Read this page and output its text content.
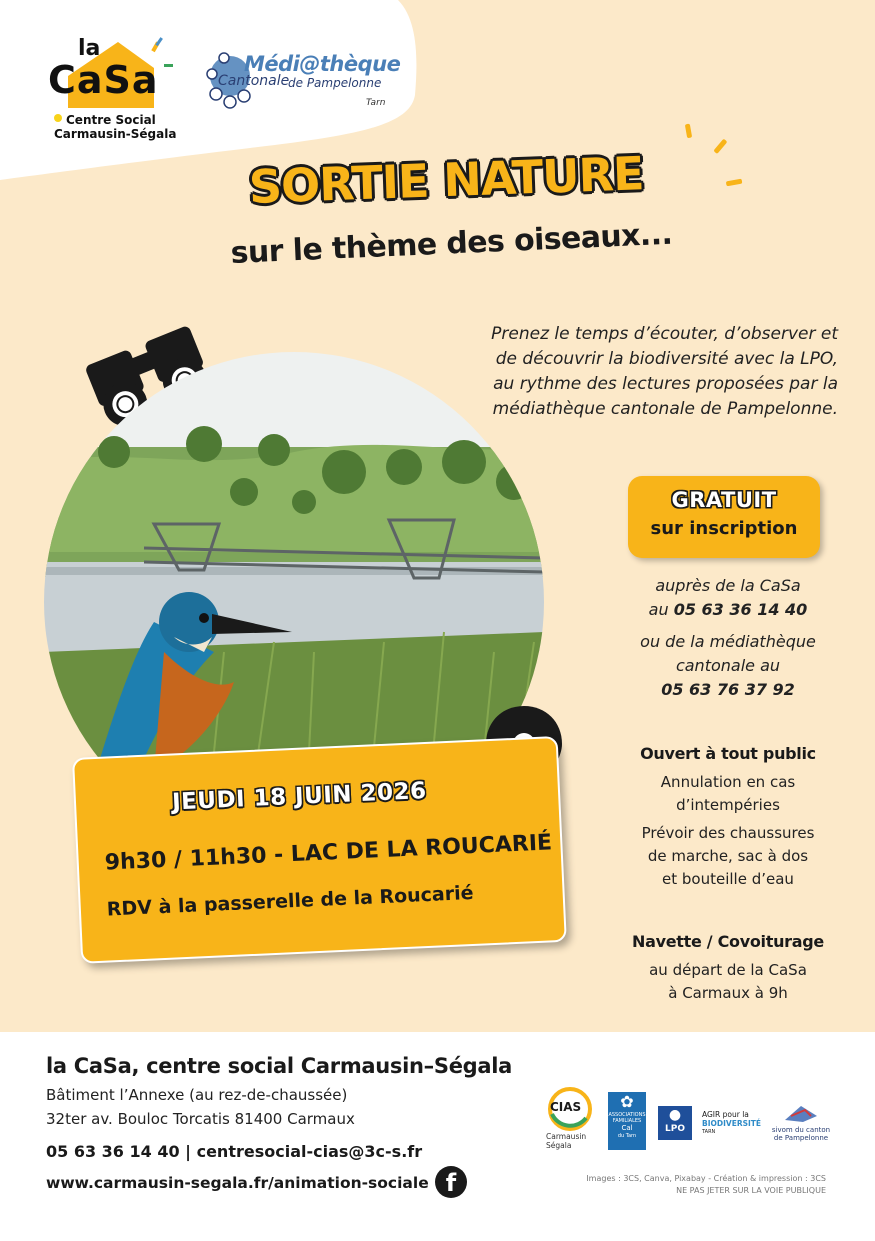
la
CaSa
Centre Social
Carmausin-Ségala
Médi@thèque
Cantonale
de Pampelonne
Tarn
SORTIE NATURE
sur le thème des oiseaux...
Prenez le temps d’écouter, d’observer et
de découvrir la biodiversité avec la LPO,
au rythme des lectures proposées par la
médiathèque cantonale de Pampelonne.
JEUDI 18 JUIN 2026
9h30 / 11h30 - LAC DE LA ROUCARIÉ
RDV à la passerelle de la Roucarié
GRATUIT
sur inscription
auprès de la CaSa
au 05 63 36 14 40
ou de la médiathèque
cantonale au
05 63 76 37 92
Ouvert à tout public
Annulation en cas
d’intempéries
Prévoir des chaussures
de marche, sac à dos
et bouteille d’eau
Navette / Covoiturage
au départ de la CaSa
à Carmaux à 9h
la CaSa, centre social Carmausin–Ségala
Bâtiment l’Annexe (au rez-de-chaussée)
32ter av. Bouloc Torcatis 81400 Carmaux
05 63 36 14 40 | centresocial-cias@3c-s.fr
www.carmausin-segala.fr/animation-sociale f
CIAS
Carmausin
Ségala
✿
ASSOCIATIONS
FAMILIALES
Cal
du Tarn
●
LPO
AGIR pour la
BIODIVERSITÉ
TARN	sivom du canton
de Pampelonne
Images : 3CS, Canva, Pixabay - Création & impression : 3CS
NE PAS JETER SUR LA VOIE PUBLIQUE
